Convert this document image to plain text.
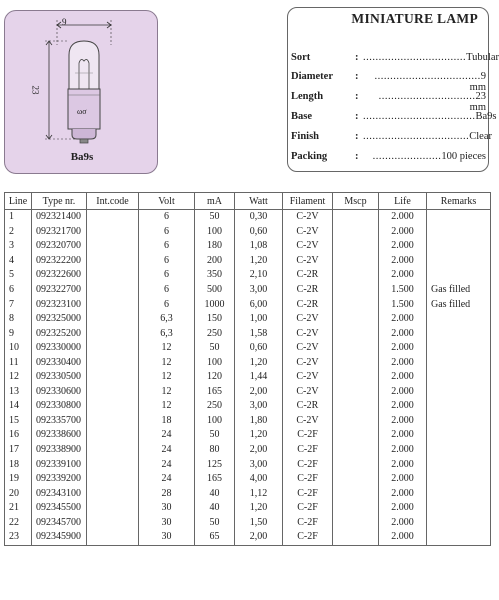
9
23
ωσ
Ba9s
MINIATURE LAMP
Sort	: .................................Tubular
Diameter :	..................................9 mm
Length	:	...............................23 mm
Base	: ....................................Ba9s
Finish	: ..................................Clear
Packing	:	......................100 pieces
Line	Type nr.	Int.code	Volt	mA	Watt	Filament	Mscp	Life	Remarks
1	092321400		6	50	0,30	C-2V		2.000	
2	092321700		6	100	0,60	C-2V		2.000	
3	092320700		6	180	1,08	C-2V		2.000	
4	092322200		6	200	1,20	C-2V		2.000	
5	092322600		6	350	2,10	C-2R		2.000	
6	092322700		6	500	3,00	C-2R		1.500	Gas filled
7	092323100		6	1000	6,00	C-2R		1.500	Gas filled
8	092325000		6,3	150	1,00	C-2V		2.000	
9	092325200		6,3	250	1,58	C-2V		2.000	
10	092330000		12	50	0,60	C-2V		2.000	
11	092330400		12	100	1,20	C-2V		2.000	
12	092330500		12	120	1,44	C-2V		2.000	
13	092330600		12	165	2,00	C-2V		2.000	
14	092330800		12	250	3,00	C-2R		2.000	
15	092335700		18	100	1,80	C-2V		2.000	
16	092338600		24	50	1,20	C-2F		2.000	
17	092338900		24	80	2,00	C-2F		2.000	
18	092339100		24	125	3,00	C-2F		2.000	
19	092339200		24	165	4,00	C-2F		2.000	
20	092343100		28	40	1,12	C-2F		2.000	
21	092345500		30	40	1,20	C-2F		2.000	
22	092345700		30	50	1,50	C-2F		2.000	
23	092345900		30	65	2,00	C-2F		2.000	
